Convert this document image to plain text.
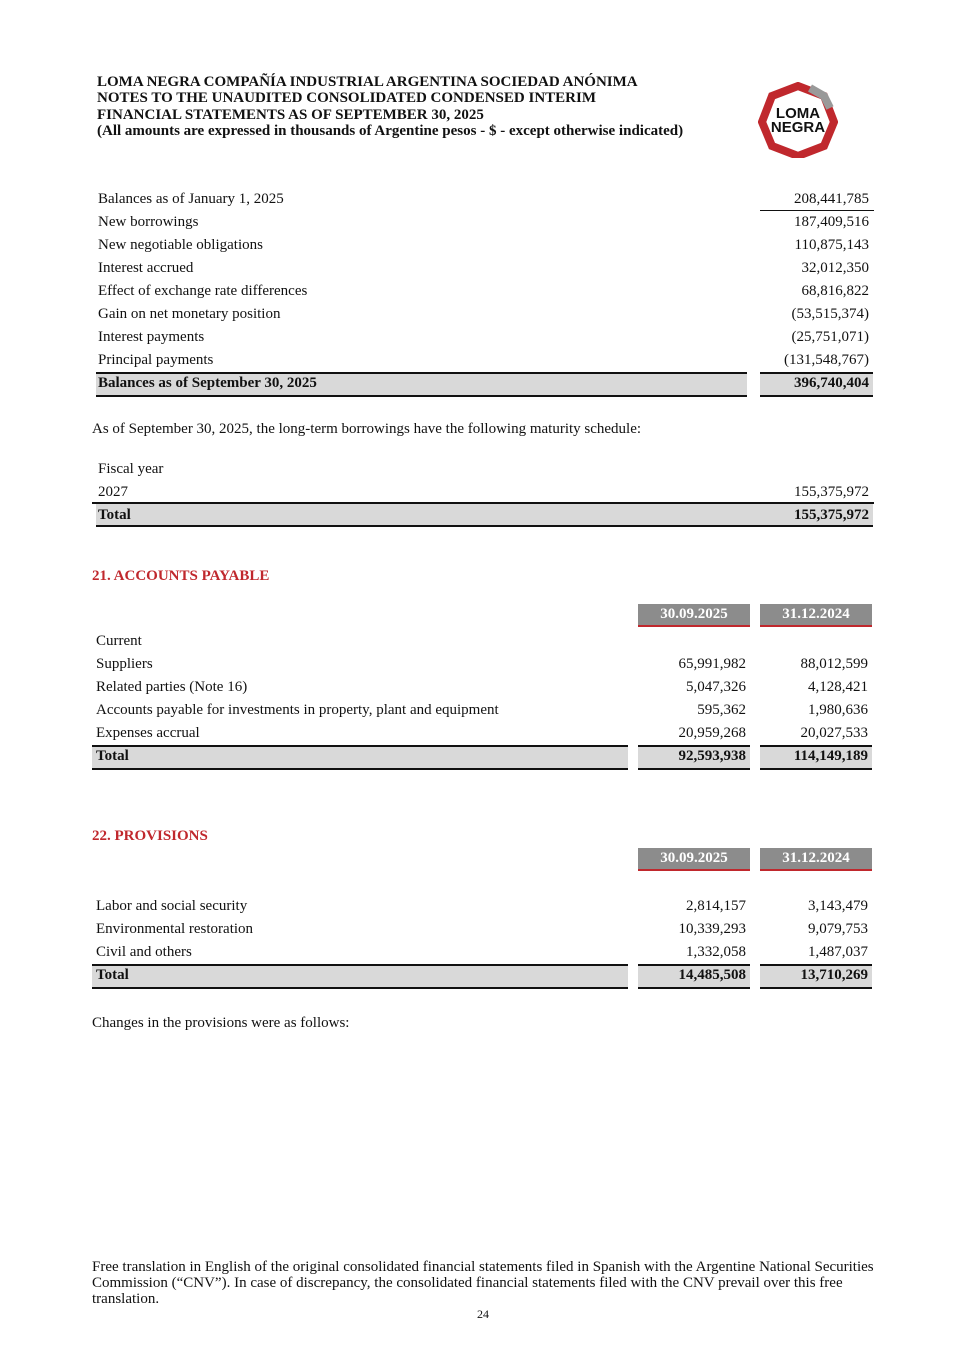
LOMA NEGRA COMPAÑÍA INDUSTRIAL ARGENTINA SOCIEDAD ANÓNIMA
NOTES TO THE UNAUDITED CONSOLIDATED CONDENSED INTERIM
FINANCIAL STATEMENTS AS OF SEPTEMBER 30, 2025
(All amounts are expressed in thousands of Argentine pesos - $ - except otherwise indicated)
LOMA
NEGRA
Balances as of January 1, 2025	208,441,785
New borrowings	187,409,516
New negotiable obligations	110,875,143
Interest accrued	32,012,350
Effect of exchange rate differences	68,816,822
Gain on net monetary position	(53,515,374)
Interest payments	(25,751,071)
Principal payments	(131,548,767)
Balances as of September 30, 2025	396,740,404
As of September 30, 2025, the long-term borrowings have the following maturity schedule:
Fiscal year
2027	155,375,972
Total	155,375,972
21. ACCOUNTS PAYABLE
30.09.2025	31.12.2024
Current
Suppliers	65,991,982	88,012,599
Related parties (Note 16)	5,047,326	4,128,421
Accounts payable for investments in property, plant and equipment	595,362	1,980,636
Expenses accrual	20,959,268	20,027,533
Total	92,593,938	114,149,189
22. PROVISIONS
30.09.2025	31.12.2024
Labor and social security	2,814,157	3,143,479
Environmental restoration	10,339,293	9,079,753
Civil and others	1,332,058	1,487,037
Total	14,485,508	13,710,269
Changes in the provisions were as follows:
Free translation in English of the original consolidated financial statements filed in Spanish with the Argentine National Securities Commission (“CNV”). In case of discrepancy, the consolidated financial statements filed with the CNV prevail over this free translation.
24
